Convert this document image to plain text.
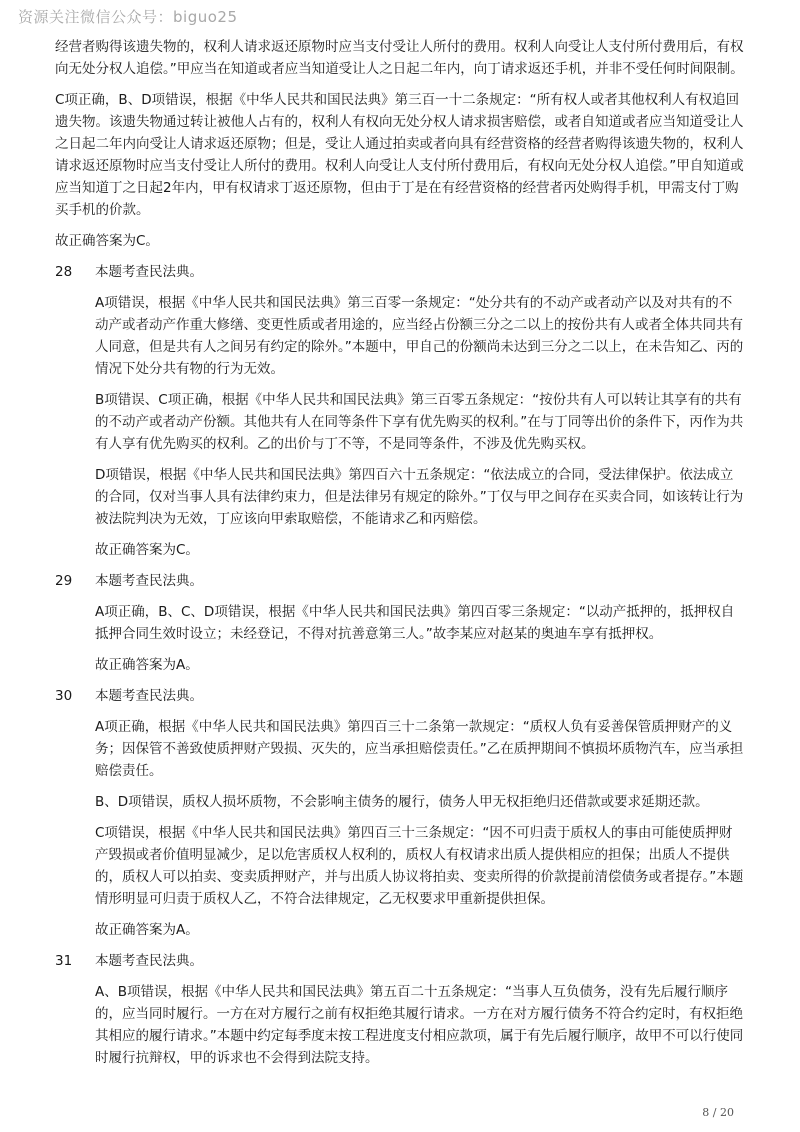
资源关注微信公众号：biguo25

经营者购得该遗失物的，权利人请求返还原物时应当支付受让人所付的费用。权利人向受让人支付所付费用后，有权向无处分权人追偿。”甲应当在知道或者应当知道受让人之日起二年内，向丁请求返还手机，并非不受任何时间限制。

C项正确，B、D项错误，根据《中华人民共和国民法典》第三百一十二条规定：“所有权人或者其他权利人有权追回遗失物。该遗失物通过转让被他人占有的，权利人有权向无处分权人请求损害赔偿，或者自知道或者应当知道受让人之日起二年内向受让人请求返还原物；但是，受让人通过拍卖或者向具有经营资格的经营者购得该遗失物的，权利人请求返还原物时应当支付受让人所付的费用。权利人向受让人支付所付费用后，有权向无处分权人追偿。”甲自知道或应当知道丁之日起2年内，甲有权请求丁返还原物，但由于丁是在有经营资格的经营者丙处购得手机，甲需支付丁购买手机的价款。

故正确答案为C。

28 本题考查民法典。

A项错误，根据《中华人民共和国民法典》第三百零一条规定：“处分共有的不动产或者动产以及对共有的不动产或者动产作重大修缮、变更性质或者用途的，应当经占份额三分之二以上的按份共有人或者全体共同共有人同意，但是共有人之间另有约定的除外。”本题中，甲自己的份额尚未达到三分之二以上，在未告知乙、丙的情况下处分共有物的行为无效。

B项错误、C项正确，根据《中华人民共和国民法典》第三百零五条规定：“按份共有人可以转让其享有的共有的不动产或者动产份额。其他共有人在同等条件下享有优先购买的权利。”在与丁同等出价的条件下，丙作为共有人享有优先购买的权利。乙的出价与丁不等，不是同等条件，不涉及优先购买权。

D项错误，根据《中华人民共和国民法典》第四百六十五条规定：“依法成立的合同，受法律保护。依法成立的合同，仅对当事人具有法律约束力，但是法律另有规定的除外。”丁仅与甲之间存在买卖合同，如该转让行为被法院判决为无效，丁应该向甲索取赔偿，不能请求乙和丙赔偿。

故正确答案为C。

29 本题考查民法典。

A项正确，B、C、D项错误，根据《中华人民共和国民法典》第四百零三条规定：“以动产抵押的，抵押权自抵押合同生效时设立；未经登记，不得对抗善意第三人。”故李某应对赵某的奥迪车享有抵押权。

故正确答案为A。

30 本题考查民法典。

A项正确，根据《中华人民共和国民法典》第四百三十二条第一款规定：“质权人负有妥善保管质押财产的义务；因保管不善致使质押财产毁损、灭失的，应当承担赔偿责任。”乙在质押期间不慎损坏质物汽车，应当承担赔偿责任。

B、D项错误，质权人损坏质物，不会影响主债务的履行，债务人甲无权拒绝归还借款或要求延期还款。

C项错误，根据《中华人民共和国民法典》第四百三十三条规定：“因不可归责于质权人的事由可能使质押财产毁损或者价值明显减少，足以危害质权人权利的，质权人有权请求出质人提供相应的担保；出质人不提供的，质权人可以拍卖、变卖质押财产，并与出质人协议将拍卖、变卖所得的价款提前清偿债务或者提存。”本题情形明显可归责于质权人乙，不符合法律规定，乙无权要求甲重新提供担保。

故正确答案为A。

31 本题考查民法典。

A、B项错误，根据《中华人民共和国民法典》第五百二十五条规定：“当事人互负债务，没有先后履行顺序的，应当同时履行。一方在对方履行之前有权拒绝其履行请求。一方在对方履行债务不符合约定时，有权拒绝其相应的履行请求。”本题中约定每季度末按工程进度支付相应款项，属于有先后履行顺序，故甲不可以行使同时履行抗辩权，甲的诉求也不会得到法院支持。

8 / 20
